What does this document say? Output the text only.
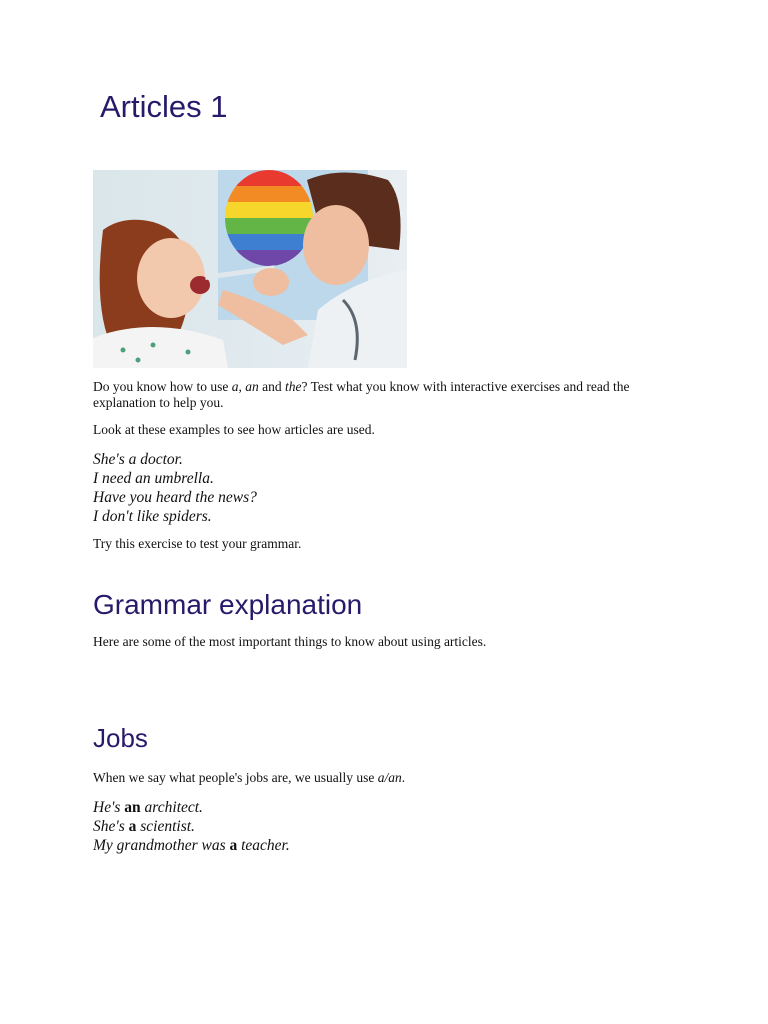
Articles 1

Do you know how to use a, an and the? Test what you know with interactive exercises and read the explanation to help you.

Look at these examples to see how articles are used.

She's a doctor.

I need an umbrella.

Have you heard the news?

I don't like spiders.

Try this exercise to test your grammar.

Grammar explanation

Here are some of the most important things to know about using articles.

Jobs

When we say what people's jobs are, we usually use a/an.

He's an architect.

She's a scientist.

My grandmother was a teacher.
